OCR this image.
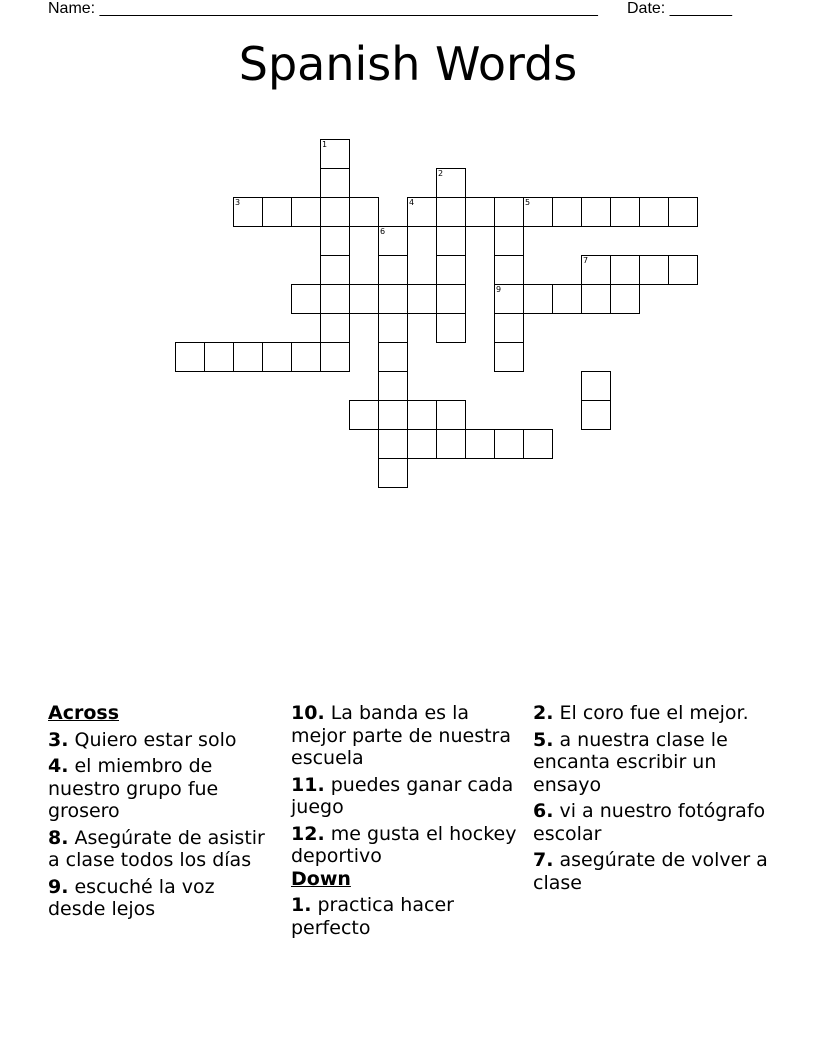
Name: ________________________________________________________ Date: _______
Spanish Words
1
2
3	4	5
6
9
7
Across
3. Quiero estar solo
4. el miembro de nuestro grupo fue grosero
8. Asegúrate de asistir a clase todos los días
9. escuché la voz desde lejos
10. La banda es la mejor parte de nuestra escuela
11. puedes ganar cada juego
12. me gusta el hockey deportivo
Down
1. practica hacer perfecto
2. El coro fue el mejor.
5. a nuestra clase le encanta escribir un ensayo
6. vi a nuestro fotógrafo escolar
7. asegúrate de volver a clase
